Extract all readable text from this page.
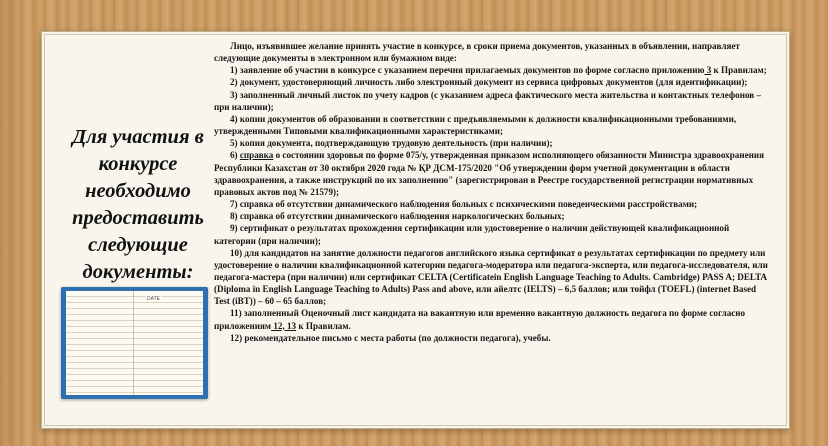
Для участия в конкурсе необходимо предоставить следующие документы:
DATE

Лицо, изъявившее желание принять участие в конкурсе, в сроки приема документов, указанных в объявлении, направляет следующие документы в электронном или бумажном виде:

1) заявление об участии в конкурсе с указанием перечня прилагаемых документов по форме согласно приложению 3 к Правилам;

2) документ, удостоверяющий личность либо электронный документ из сервиса цифровых документов (для идентификации);

3) заполненный личный листок по учету кадров (с указанием адреса фактического места жительства и контактных телефонов – при наличии);

4) копии документов об образовании в соответствии с предъявляемыми к должности квалификационными требованиями, утвержденными Типовыми квалификационными характеристиками;

5) копия документа, подтверждающую трудовую деятельность (при наличии);

6) справка о состоянии здоровья по форме 075/у, утвержденная приказом исполняющего обязанности Министра здравоохранения Республики Казахстан от 30 октября 2020 года № ҚР ДСМ-175/2020 "Об утверждении форм учетной документации в области здравоохранения, а также инструкций по их заполнению" (зарегистрирован в Реестре государственной регистрации нормативных правовых актов под № 21579);

7) справка об отсутствии динамического наблюдения больных с психическими поведенческими расстройствами;

8) справка об отсутствии динамического наблюдения наркологических больных;

9) сертификат о результатах прохождения сертификации или удостоверение о наличии действующей квалификационной категории (при наличии);

10) для кандидатов на занятие должности педагогов английского языка сертификат о результатах сертификации по предмету или удостоверение о наличии квалификационной категории педагога-модератора или педагога-эксперта, или педагога-исследователя, или педагога-мастера (при наличии) или сертификат CELTA (Certificatein English Language Teaching to Adults. Cambridge) PASS A; DELTA (Diploma in English Language Teaching to Adults) Pass and above, или айелтс (IELTS) – 6,5 баллов; или тойфл (TOEFL) (internet Based Test (iBT)) – 60 – 65 баллов;

11) заполненный Оценочный лист кандидата на вакантную или временно вакантную должность педагога по форме согласно приложениям 12, 13 к Правилам.

12) рекомендательное письмо с места работы (по должности педагога), учебы.
